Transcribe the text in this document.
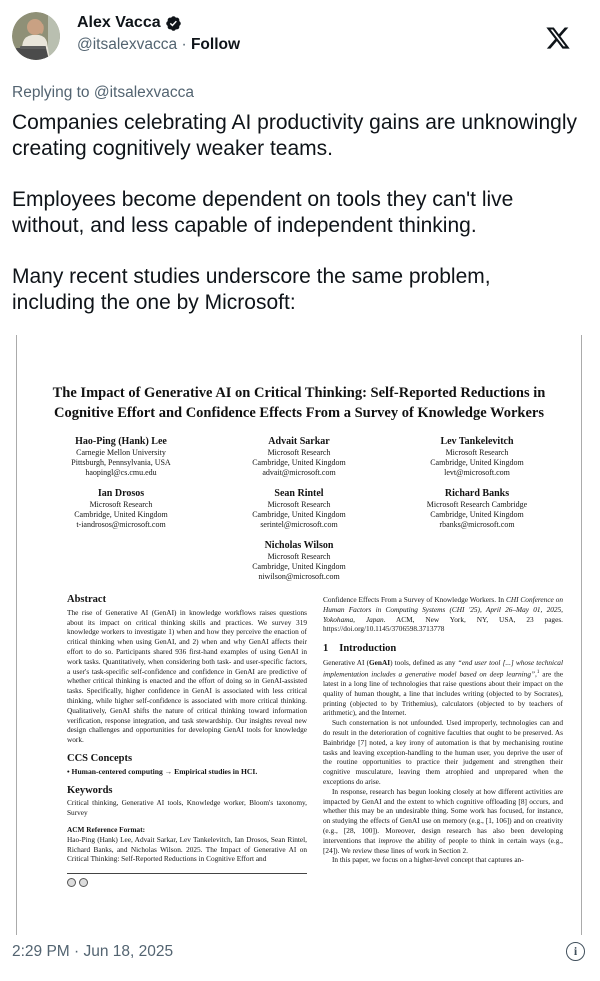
Alex Vacca
@itsalexvacca · Follow
Replying to @itsalexvacca

Companies celebrating AI productivity gains are unknowingly creating cognitively weaker teams.

Employees become dependent on tools they can't live without, and less capable of independent thinking.

Many recent studies underscore the same problem, including the one by Microsoft:

The Impact of Generative AI on Critical Thinking: Self-Reported Reductions in Cognitive Effort and Confidence Effects From a Survey of Knowledge Workers
Hao-Ping (Hank) Lee
Carnegie Mellon University
Pittsburgh, Pennsylvania, USA
haopingl@cs.cmu.edu
Advait Sarkar
Microsoft Research
Cambridge, United Kingdom
advait@microsoft.com
Lev Tankelevitch
Microsoft Research
Cambridge, United Kingdom
levt@microsoft.com
Ian Drosos
Microsoft Research
Cambridge, United Kingdom
t-iandrosos@microsoft.com
Sean Rintel
Microsoft Research
Cambridge, United Kingdom
serintel@microsoft.com
Richard Banks
Microsoft Research Cambridge
Cambridge, United Kingdom
rbanks@microsoft.com
Nicholas Wilson
Microsoft Research
Cambridge, United Kingdom
niwilson@microsoft.com
Abstract

The rise of Generative AI (GenAI) in knowledge workflows raises questions about its impact on critical thinking skills and practices. We survey 319 knowledge workers to investigate 1) when and how they perceive the enaction of critical thinking when using GenAI, and 2) when and why GenAI affects their effort to do so. Participants shared 936 first-hand examples of using GenAI in work tasks. Quantitatively, when considering both task- and user-specific factors, a user's task-specific self-confidence and confidence in GenAI are predictive of whether critical thinking is enacted and the effort of doing so in GenAI-assisted tasks. Specifically, higher confidence in GenAI is associated with less critical thinking, while higher self-confidence is associated with more critical thinking. Qualitatively, GenAI shifts the nature of critical thinking toward information verification, response integration, and task stewardship. Our insights reveal new design challenges and opportunities for developing GenAI tools for knowledge work.

CCS Concepts

• Human-centered computing → Empirical studies in HCI.

Keywords

Critical thinking, Generative AI tools, Knowledge worker, Bloom's taxonomy, Survey

ACM Reference Format:

Hao-Ping (Hank) Lee, Advait Sarkar, Lev Tankelevitch, Ian Drosos, Sean Rintel, Richard Banks, and Nicholas Wilson. 2025. The Impact of Generative AI on Critical Thinking: Self-Reported Reductions in Cognitive Effort and

Confidence Effects From a Survey of Knowledge Workers. In CHI Conference on Human Factors in Computing Systems (CHI '25), April 26–May 01, 2025, Yokohama, Japan. ACM, New York, NY, USA, 23 pages. https://doi.org/10.1145/3706598.3713778

1 Introduction

Generative AI (GenAI) tools, defined as any “end user tool [...] whose technical implementation includes a generative model based on deep learning”,$^1$ are the latest in a long line of technologies that raise questions about their impact on the quality of human thought, a line that includes writing (objected to by Socrates), printing (objected to by Trithemius), calculators (objected to by teachers of arithmetic), and the Internet.

Such consternation is not unfounded. Used improperly, technologies can and do result in the deterioration of cognitive faculties that ought to be preserved. As Bainbridge [7] noted, a key irony of automation is that by mechanising routine tasks and leaving exception-handling to the human user, you deprive the user of the routine opportunities to practice their judgement and strengthen their cognitive musculature, leaving them atrophied and unprepared when the exceptions do arise.

In response, research has begun looking closely at how different activities are impacted by GenAI and the extent to which cognitive offloading [8] occurs, and whether this may be an undesirable thing. Some work has focused, for instance, on studying the effects of GenAI use on memory (e.g., [1, 106]) and on creativity (e.g., [28, 100]). Moreover, design research has also been developing interventions that improve the ability of people to think in certain ways (e.g., [24]). We review these lines of work in Section 2.

In this paper, we focus on a higher-level concept that captures an-

2:29 PM · Jun 18, 2025	i
